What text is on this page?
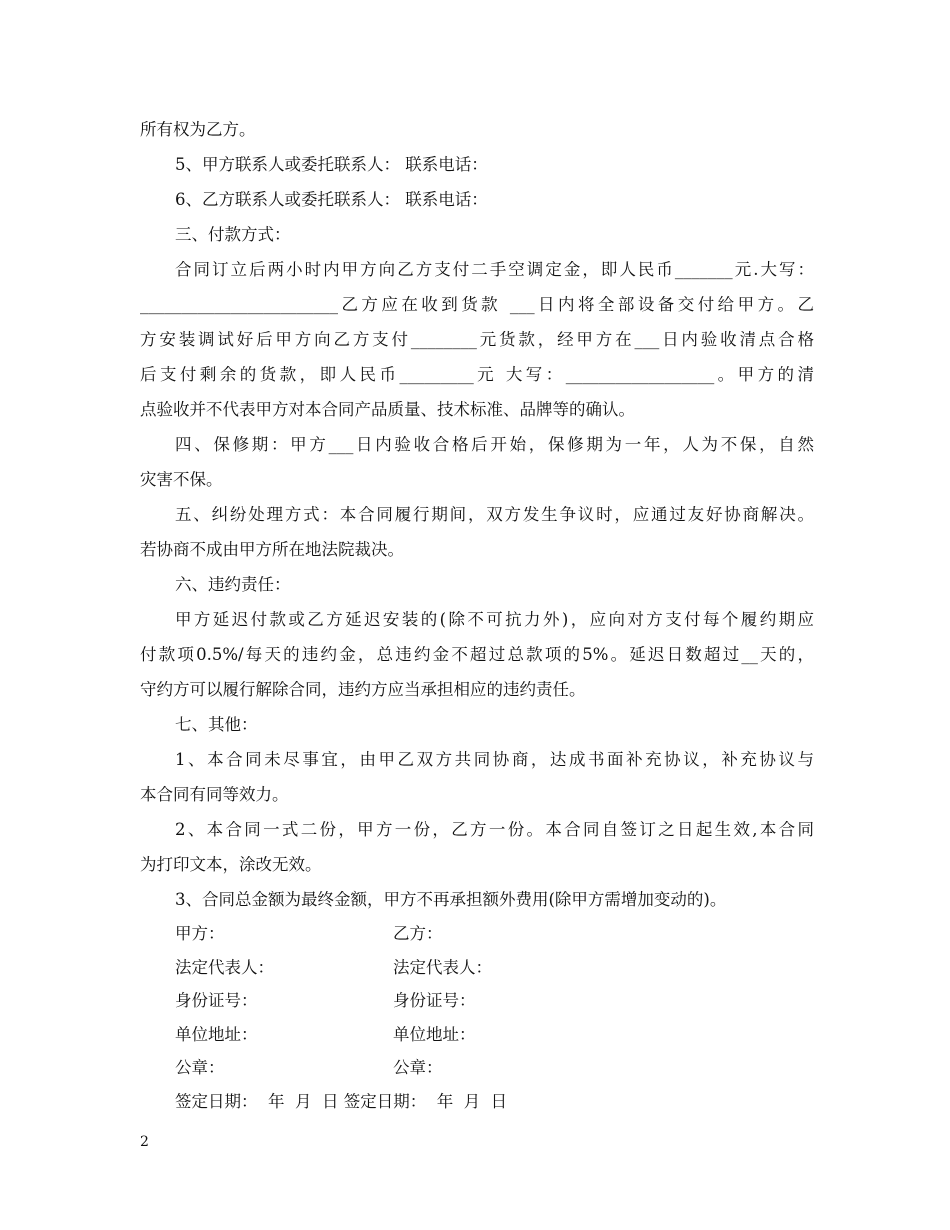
所有权为乙方。
5、甲方联系人或委托联系人： 联系电话：
6、乙方联系人或委托联系人： 联系电话：
三、付款方式：
合同订立后两小时内甲方向乙方支付二手空调定金，即人民币_______元.大写：
________________________乙方应在收到货款 ___日内将全部设备交付给甲方。乙
方安装调试好后甲方向乙方支付________元货款，经甲方在___日内验收清点合格
后支付剩余的货款，即人民币_________元 大写：__________________。甲方的清
点验收并不代表甲方对本合同产品质量、技术标准、品牌等的确认。
四、保修期：甲方___日内验收合格后开始，保修期为一年，人为不保，自然
灾害不保。
五、纠纷处理方式：本合同履行期间，双方发生争议时，应通过友好协商解决。
若协商不成由甲方所在地法院裁决。
六、违约责任：
甲方延迟付款或乙方延迟安装的(除不可抗力外)，应向对方支付每个履约期应
付款项0.5%/每天的违约金，总违约金不超过总款项的5%。延迟日数超过__天的，
守约方可以履行解除合同，违约方应当承担相应的违约责任。
七、其他：
1、本合同未尽事宜，由甲乙双方共同协商，达成书面补充协议，补充协议与
本合同有同等效力。
2、本合同一式二份，甲方一份，乙方一份。本合同自签订之日起生效,本合同
为打印文本，涂改无效。
3、合同总金额为最终金额，甲方不再承担额外费用(除甲方需增加变动的)。
甲方：	乙方：
法定代表人：	法定代表人：
身份证号：	身份证号：
单位地址：	单位地址：
公章：	公章：
签定日期：  年  月  日 签定日期：  年  月  日
2
